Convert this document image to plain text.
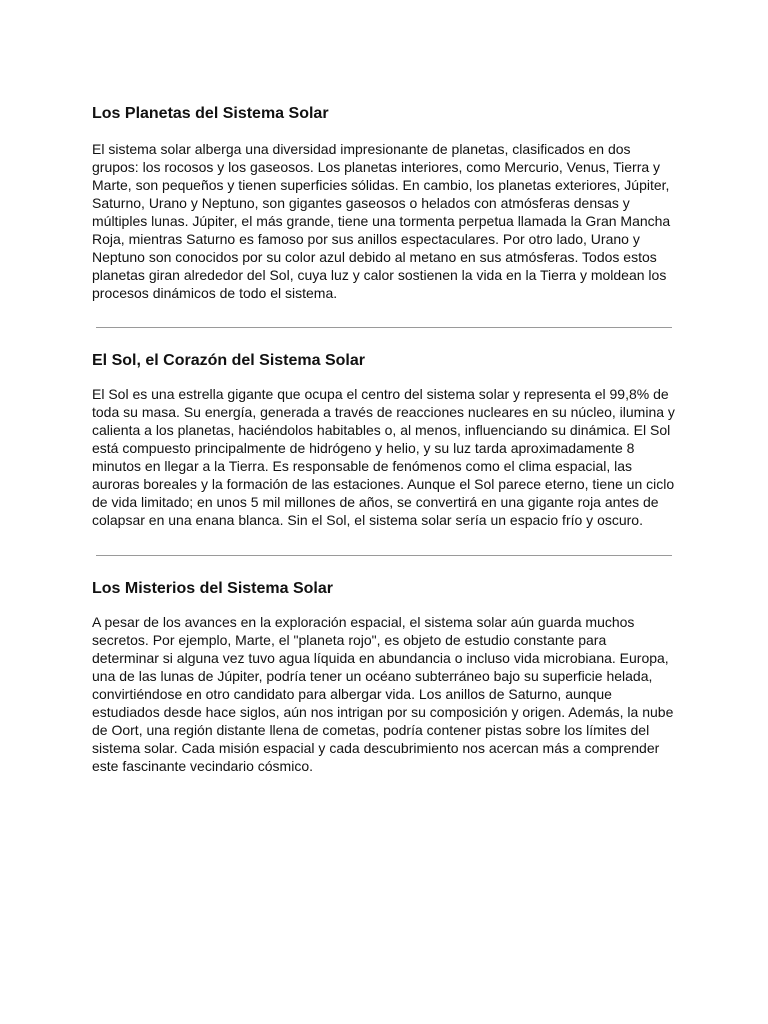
Los Planetas del Sistema Solar

El sistema solar alberga una diversidad impresionante de planetas, clasificados en dos grupos: los rocosos y los gaseosos. Los planetas interiores, como Mercurio, Venus, Tierra y Marte, son pequeños y tienen superficies sólidas. En cambio, los planetas exteriores, Júpiter, Saturno, Urano y Neptuno, son gigantes gaseosos o helados con atmósferas densas y múltiples lunas. Júpiter, el más grande, tiene una tormenta perpetua llamada la Gran Mancha Roja, mientras Saturno es famoso por sus anillos espectaculares. Por otro lado, Urano y Neptuno son conocidos por su color azul debido al metano en sus atmósferas. Todos estos planetas giran alrededor del Sol, cuya luz y calor sostienen la vida en la Tierra y moldean los procesos dinámicos de todo el sistema.

El Sol, el Corazón del Sistema Solar

El Sol es una estrella gigante que ocupa el centro del sistema solar y representa el 99,8% de toda su masa. Su energía, generada a través de reacciones nucleares en su núcleo, ilumina y calienta a los planetas, haciéndolos habitables o, al menos, influenciando su dinámica. El Sol está compuesto principalmente de hidrógeno y helio, y su luz tarda aproximadamente 8 minutos en llegar a la Tierra. Es responsable de fenómenos como el clima espacial, las auroras boreales y la formación de las estaciones. Aunque el Sol parece eterno, tiene un ciclo de vida limitado; en unos 5 mil millones de años, se convertirá en una gigante roja antes de colapsar en una enana blanca. Sin el Sol, el sistema solar sería un espacio frío y oscuro.

Los Misterios del Sistema Solar

A pesar de los avances en la exploración espacial, el sistema solar aún guarda muchos secretos. Por ejemplo, Marte, el "planeta rojo", es objeto de estudio constante para determinar si alguna vez tuvo agua líquida en abundancia o incluso vida microbiana. Europa, una de las lunas de Júpiter, podría tener un océano subterráneo bajo su superficie helada, convirtiéndose en otro candidato para albergar vida. Los anillos de Saturno, aunque estudiados desde hace siglos, aún nos intrigan por su composición y origen. Además, la nube de Oort, una región distante llena de cometas, podría contener pistas sobre los límites del sistema solar. Cada misión espacial y cada descubrimiento nos acercan más a comprender este fascinante vecindario cósmico.
